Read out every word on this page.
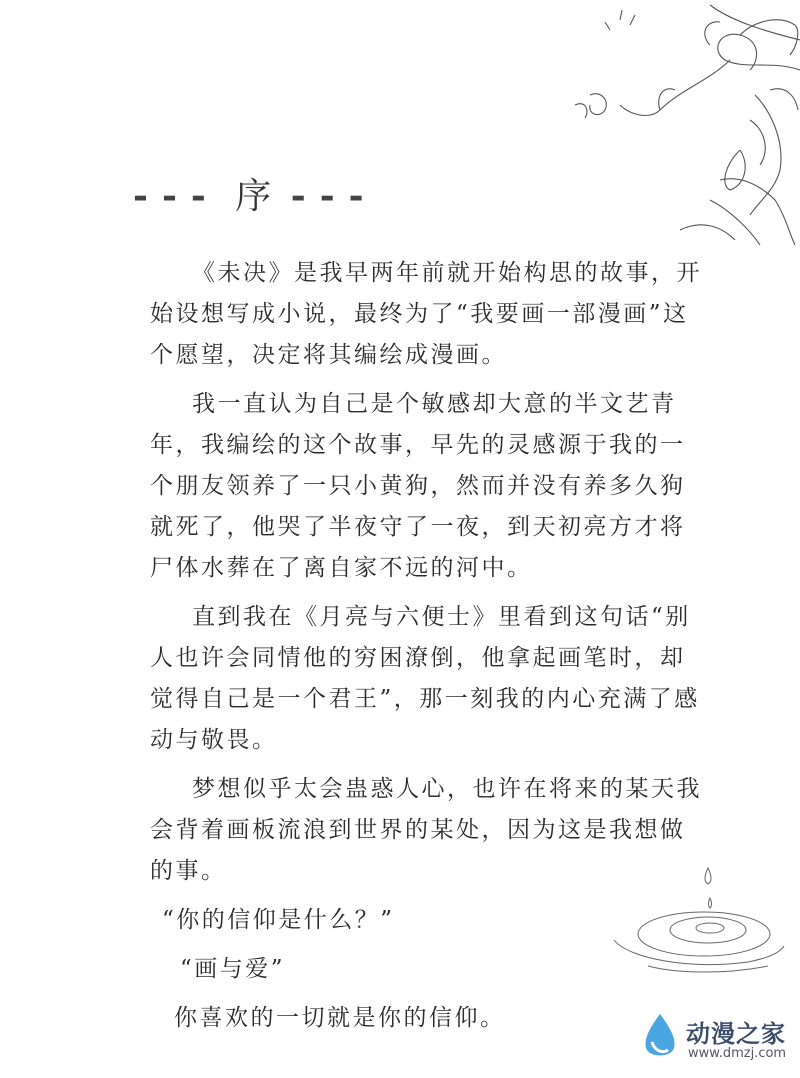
--- 序 ---

《未决》是我早两年前就开始构思的故事，开始设想写成小说，最终为了“我要画一部漫画”这个愿望，决定将其编绘成漫画。

我一直认为自己是个敏感却大意的半文艺青年，我编绘的这个故事，早先的灵感源于我的一个朋友领养了一只小黄狗，然而并没有养多久狗就死了，他哭了半夜守了一夜，到天初亮方才将尸体水葬在了离自家不远的河中。

直到我在《月亮与六便士》里看到这句话“别人也许会同情他的穷困潦倒，他拿起画笔时，却觉得自己是一个君王”，那一刻我的内心充满了感动与敬畏。

梦想似乎太会蛊惑人心，也许在将来的某天我会背着画板流浪到世界的某处，因为这是我想做的事。

“你的信仰是什么？”

“画与爱”

你喜欢的一切就是你的信仰。

动漫之家
www.dmzj.com
